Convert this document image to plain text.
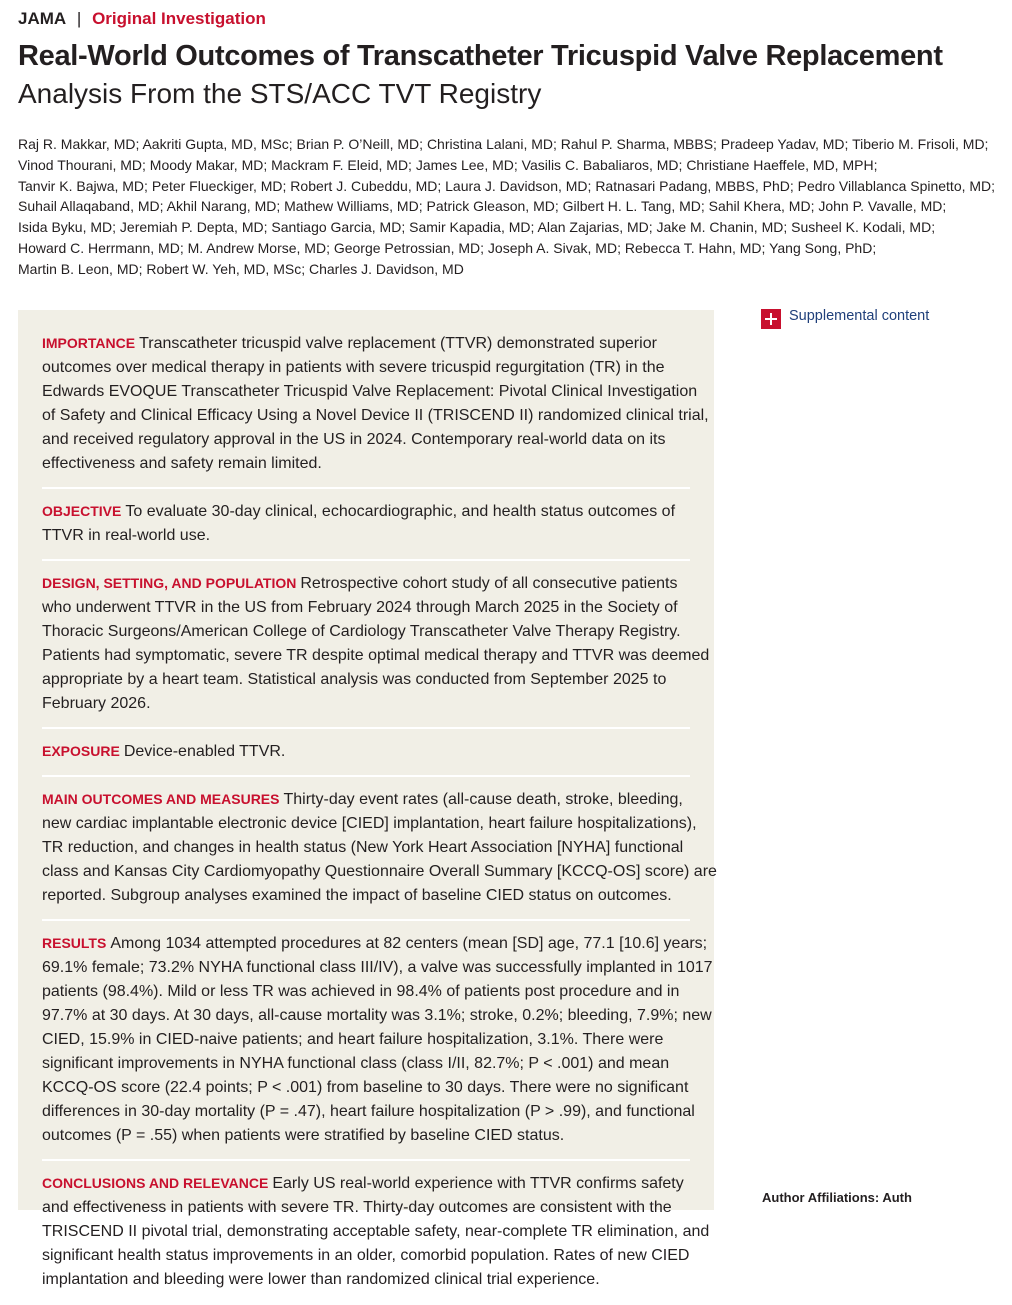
JAMA | Original Investigation
Real-World Outcomes of Transcatheter Tricuspid Valve Replacement
Analysis From the STS/ACC TVT Registry
Raj R. Makkar, MD; Aakriti Gupta, MD, MSc; Brian P. O’Neill, MD; Christina Lalani, MD; Rahul P. Sharma, MBBS; Pradeep Yadav, MD; Tiberio M. Frisoli, MD;
Vinod Thourani, MD; Moody Makar, MD; Mackram F. Eleid, MD; James Lee, MD; Vasilis C. Babaliaros, MD; Christiane Haeffele, MD, MPH;
Tanvir K. Bajwa, MD; Peter Flueckiger, MD; Robert J. Cubeddu, MD; Laura J. Davidson, MD; Ratnasari Padang, MBBS, PhD; Pedro Villablanca Spinetto, MD;
Suhail Allaqaband, MD; Akhil Narang, MD; Mathew Williams, MD; Patrick Gleason, MD; Gilbert H. L. Tang, MD; Sahil Khera, MD; John P. Vavalle, MD;
Isida Byku, MD; Jeremiah P. Depta, MD; Santiago Garcia, MD; Samir Kapadia, MD; Alan Zajarias, MD; Jake M. Chanin, MD; Susheel K. Kodali, MD;
Howard C. Herrmann, MD; M. Andrew Morse, MD; George Petrossian, MD; Joseph A. Sivak, MD; Rebecca T. Hahn, MD; Yang Song, PhD;
Martin B. Leon, MD; Robert W. Yeh, MD, MSc; Charles J. Davidson, MD
Supplemental content
IMPORTANCE Transcatheter tricuspid valve replacement (TTVR) demonstrated superior
outcomes over medical therapy in patients with severe tricuspid regurgitation (TR) in the
Edwards EVOQUE Transcatheter Tricuspid Valve Replacement: Pivotal Clinical Investigation
of Safety and Clinical Efficacy Using a Novel Device II (TRISCEND II) randomized clinical trial,
and received regulatory approval in the US in 2024. Contemporary real-world data on its
effectiveness and safety remain limited.
OBJECTIVE To evaluate 30-day clinical, echocardiographic, and health status outcomes of
TTVR in real-world use.
DESIGN, SETTING, AND POPULATION Retrospective cohort study of all consecutive patients
who underwent TTVR in the US from February 2024 through March 2025 in the Society of
Thoracic Surgeons/American College of Cardiology Transcatheter Valve Therapy Registry.
Patients had symptomatic, severe TR despite optimal medical therapy and TTVR was deemed
appropriate by a heart team. Statistical analysis was conducted from September 2025 to
February 2026.
EXPOSURE Device-enabled TTVR.
MAIN OUTCOMES AND MEASURES Thirty-day event rates (all-cause death, stroke, bleeding,
new cardiac implantable electronic device [CIED] implantation, heart failure hospitalizations),
TR reduction, and changes in health status (New York Heart Association [NYHA] functional
class and Kansas City Cardiomyopathy Questionnaire Overall Summary [KCCQ-OS] score) are
reported. Subgroup analyses examined the impact of baseline CIED status on outcomes.
RESULTS Among 1034 attempted procedures at 82 centers (mean [SD] age, 77.1 [10.6] years;
69.1% female; 73.2% NYHA functional class III/IV), a valve was successfully implanted in 1017
patients (98.4%). Mild or less TR was achieved in 98.4% of patients post procedure and in
97.7% at 30 days. At 30 days, all-cause mortality was 3.1%; stroke, 0.2%; bleeding, 7.9%; new
CIED, 15.9% in CIED-naive patients; and heart failure hospitalization, 3.1%. There were
significant improvements in NYHA functional class (class I/II, 82.7%; P < .001) and mean
KCCQ-OS score (22.4 points; P < .001) from baseline to 30 days. There were no significant
differences in 30-day mortality (P = .47), heart failure hospitalization (P > .99), and functional
outcomes (P = .55) when patients were stratified by baseline CIED status.
CONCLUSIONS AND RELEVANCE Early US real-world experience with TTVR confirms safety
and effectiveness in patients with severe TR. Thirty-day outcomes are consistent with the
TRISCEND II pivotal trial, demonstrating acceptable safety, near-complete TR elimination, and
significant health status improvements in an older, comorbid population. Rates of new CIED
implantation and bleeding were lower than randomized clinical trial experience.
Author Affiliations: Auth
